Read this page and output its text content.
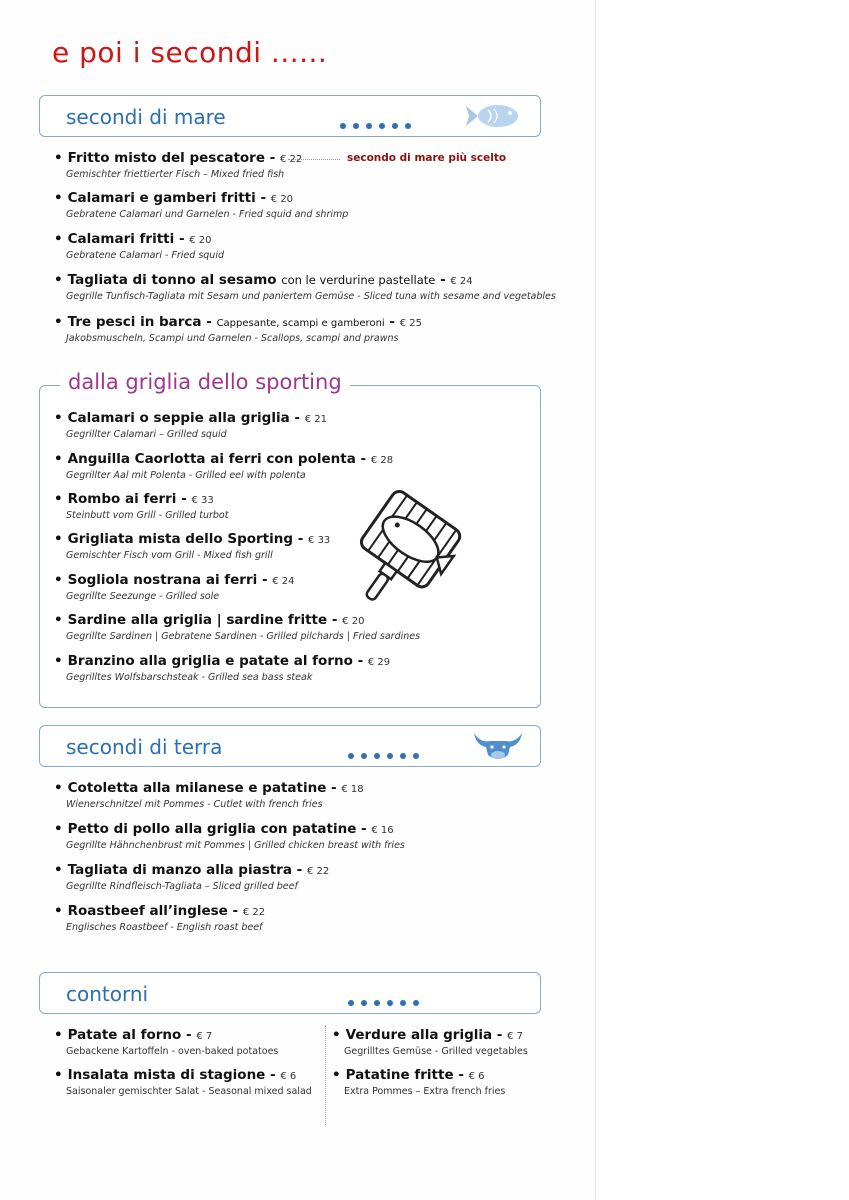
e poi i secondi ......
secondi di mare
secondo di mare più scelto
• Fritto misto del pescatore - € 22
Gemischter friettierter Fisch – Mixed fried fish
• Calamari e gamberi fritti - € 20
Gebratene Calamari und Garnelen - Fried squid and shrimp
• Calamari fritti - € 20
Gebratene Calamari - Fried squid
• Tagliata di tonno al sesamo con le verdurine pastellate - € 24
Gegrille Tunfisch-Tagliata mit Sesam und paniertem Gemüse - Sliced tuna with sesame and vegetables
• Tre pesci in barca - Cappesante, scampi e gamberoni - € 25
Jakobsmuscheln, Scampi und Garnelen - Scallops, scampi and prawns
dalla griglia dello sporting
• Calamari o seppie alla griglia - € 21
Gegrillter Calamari – Grilled squid
• Anguilla Caorlotta ai ferri con polenta - € 28
Gegrillter Aal mit Polenta - Grilled eel with polenta
• Rombo ai ferri - € 33
Steinbutt vom Grill - Grilled turbot
• Grigliata mista dello Sporting - € 33
Gemischter Fisch vom Grill - Mixed fish grill
• Sogliola nostrana ai ferri - € 24
Gegrillte Seezunge - Grilled sole
• Sardine alla griglia | sardine fritte - € 20
Gegrillte Sardinen | Gebratene Sardinen - Grilled pilchards | Fried sardines
• Branzino alla griglia e patate al forno - € 29
Gegrilltes Wolfsbarschsteak - Grilled sea bass steak
secondi di terra
• Cotoletta alla milanese e patatine - € 18
Wienerschnitzel mit Pommes - Cutlet with french fries
• Petto di pollo alla griglia con patatine - € 16
Gegrillte Hähnchenbrust mit Pommes | Grilled chicken breast with fries
• Tagliata di manzo alla piastra - € 22
Gegrillte Rindfleisch-Tagliata – Sliced grilled beef
• Roastbeef all’inglese - € 22
Englisches Roastbeef - English roast beef
contorni
• Patate al forno - € 7
Gebackene Kartoffeln - oven-baked potatoes
• Insalata mista di stagione - € 6
Saisonaler gemischter Salat - Seasonal mixed salad
• Verdure alla griglia - € 7
Gegrilltes Gemüse - Grilled vegetables
• Patatine fritte - € 6
Extra Pommes – Extra french fries
